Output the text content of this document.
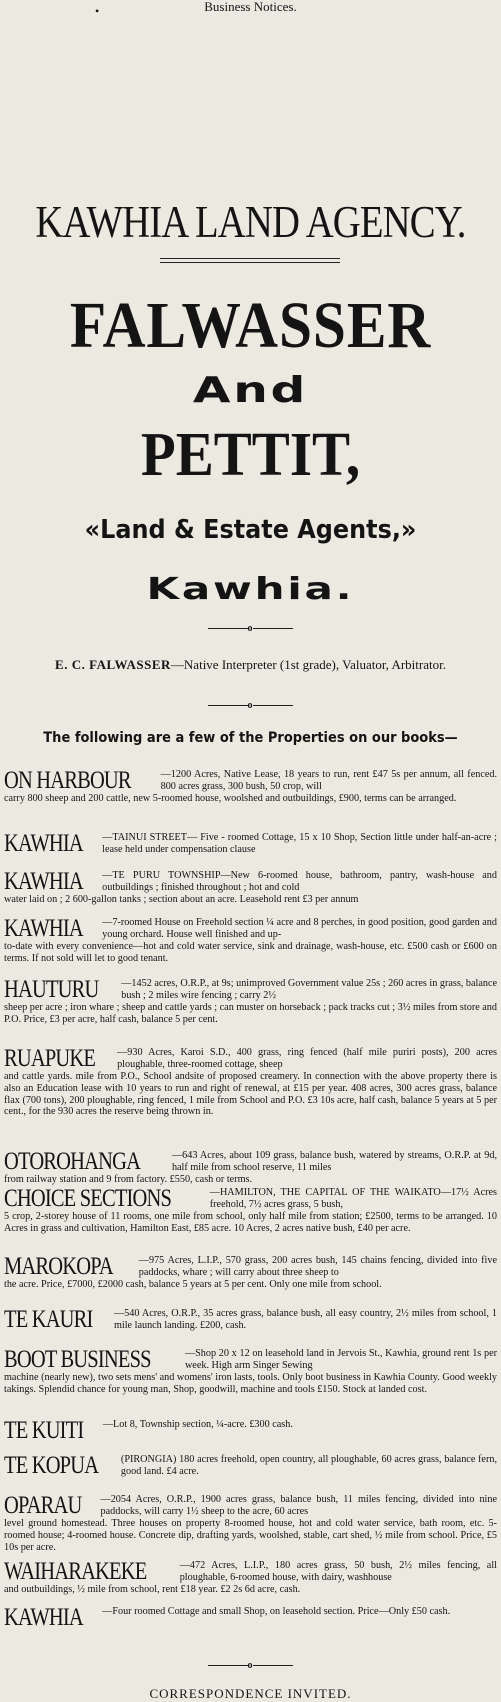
Business Notices.
•
KAWHIA LAND AGENCY.
FALWASSER
And
PETTIT,
«Land & Estate Agents,»
Kawhia.
o
E. C. FALWASSER—Native Interpreter (1st grade), Valuator, Arbitrator.
o
The following are a few of the Properties on our books—
ON HARBOUR	—1200 Acres, Native Lease, 18 years to run, rent £47 5s per annum, all fenced. 800 acres grass, 300 bush, 50 crop, will
carry 800 sheep and 200 cattle, new 5-roomed house, woolshed and outbuildings, £900, terms can be arranged.
KAWHIA —TAINUI STREET— Five - roomed Cottage, 15 x 10 Shop, Section little under half-an-acre ; lease held under compensation clause
KAWHIA —TE PURU TOWNSHIP—New 6-roomed house, bathroom, pantry, wash-house and outbuildings ; finished throughout ; hot and cold
water laid on ; 2 600-gallon tanks ; section about an acre. Leasehold rent £3 per annum
KAWHIA —7-roomed House on Freehold section ¼ acre and 8 perches, in good position, good garden and young orchard. House well finished and up-
to-date with every convenience—hot and cold water service, sink and drainage, wash-house, etc. £500 cash or £600 on terms. If not sold will let to good tenant.
HAUTURU —1452 acres, O.R.P., at 9s; unimproved Government value 25s ; 260 acres in grass, balance bush ; 2 miles wire fencing ; carry 2½
sheep per acre ; iron whare ; sheep and cattle yards ; can muster on horseback ; pack tracks cut ; 3½ miles from store and P.O. Price, £3 per acre, half cash, balance 5 per cent.
RUAPUKE —930 Acres, Karoi S.D., 400 grass, ring fenced (half mile puriri posts), 200 acres ploughable, three-roomed cottage, sheep
and cattle yards. mile from P.O., School andsite of proposed creamery. In connection with the above property there is also an Education lease with 10 years to run and right of renewal, at £15 per year. 408 acres, 300 acres grass, balance flax (700 tons), 200 ploughable, ring fenced, 1 mile from School and P.O. £3 10s acre, half cash, balance 5 years at 5 per cent., for the 930 acres the reserve being thrown in.
OTOROHANGA	—643 Acres, about 109 grass, balance bush, watered by streams, O.R.P. at 9d, half mile from school reserve, 11 miles
from railway station and 9 from factory. £550, cash or terms.
CHOICE SECTIONS	—HAMILTON, THE CAPITAL OF THE WAIKATO—17½ Acres freehold, 7½ acres grass, 5 bush,
5 crop, 2-storey house of 11 rooms, one mile from school, only half mile from station; £2500, terms to be arranged. 10 Acres in grass and cultivation, Hamilton East, £85 acre. 10 Acres, 2 acres native bush, £40 per acre.
MAROKOPA	—975 Acres, L.I.P., 570 grass, 200 acres bush, 145 chains fencing, divided into five paddocks, whare ; will carry about three sheep to
the acre. Price, £7000, £2000 cash, balance 5 years at 5 per cent. Only one mile from school.
TE KAURI —540 Acres, O.R.P., 35 acres grass, balance bush, all easy country, 2½ miles from school, 1 mile launch landing. £200, cash.
BOOT BUSINESS	—Shop 20 x 12 on leasehold land in Jervois St., Kawhia, ground rent 1s per week. High arm Singer Sewing
machine (nearly new), two sets mens' and womens' iron lasts, tools. Only boot business in Kawhia County. Good weekly takings. Splendid chance for young man, Shop, goodwill, machine and tools £150. Stock at landed cost.
TE KUITI —Lot 8, Township section, ¼-acre. £300 cash.
TE KOPUA (PIRONGIA) 180 acres freehold, open country, all ploughable, 60 acres grass, balance fern, good land. £4 acre.
OPARAU —2054 Acres, O.R.P., 1900 acres grass, balance bush, 11 miles fencing, divided into nine paddocks, will carry 1½ sheep to the acre, 60 acres
level ground homestead. Three houses on property 8-roomed house, hot and cold water service, bath room, etc. 5-roomed house; 4-roomed house. Concrete dip, drafting yards, woolshed, stable, cart shed, ½ mile from school. Price, £5 10s per acre.
WAIHARAKEKE	—472 Acres, L.I.P., 180 acres grass, 50 bush, 2½ miles fencing, all ploughable, 6-roomed house, with dairy, washhouse
and outbuildings, ½ mile from school, rent £18 year. £2 2s 6d acre, cash.
KAWHIA —Four roomed Cottage and small Shop, on leasehold section. Price—Only £50 cash.
o
CORRESPONDENCE INVITED.
